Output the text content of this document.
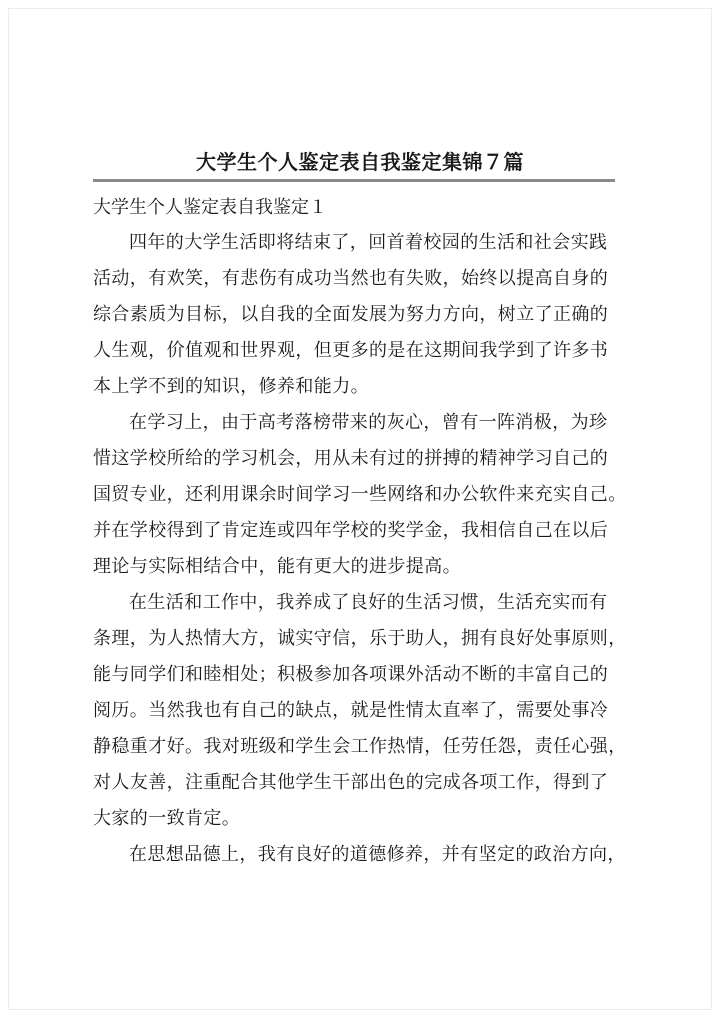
大学生个人鉴定表自我鉴定集锦７篇

大学生个人鉴定表自我鉴定１

四年的大学生活即将结束了，回首着校园的生活和社会实践
活动，有欢笑，有悲伤有成功当然也有失败，始终以提高自身的
综合素质为目标，以自我的全面发展为努力方向，树立了正确的
人生观，价值观和世界观，但更多的是在这期间我学到了许多书
本上学不到的知识，修养和能力。

在学习上，由于高考落榜带来的灰心，曾有一阵消极，为珍
惜这学校所给的学习机会，用从未有过的拼搏的精神学习自己的
国贸专业，还利用课余时间学习一些网络和办公软件来充实自己。
并在学校得到了肯定连或四年学校的奖学金，我相信自己在以后
理论与实际相结合中，能有更大的进步提高。

在生活和工作中，我养成了良好的生活习惯，生活充实而有
条理，为人热情大方，诚实守信，乐于助人，拥有良好处事原则，
能与同学们和睦相处；积极参加各项课外活动不断的丰富自己的
阅历。当然我也有自己的缺点，就是性情太直率了，需要处事冷
静稳重才好。我对班级和学生会工作热情，任劳任怨，责任心强，
对人友善，注重配合其他学生干部出色的完成各项工作，得到了
大家的一致肯定。

在思想品德上，我有良好的道德修养，并有坚定的政治方向，
